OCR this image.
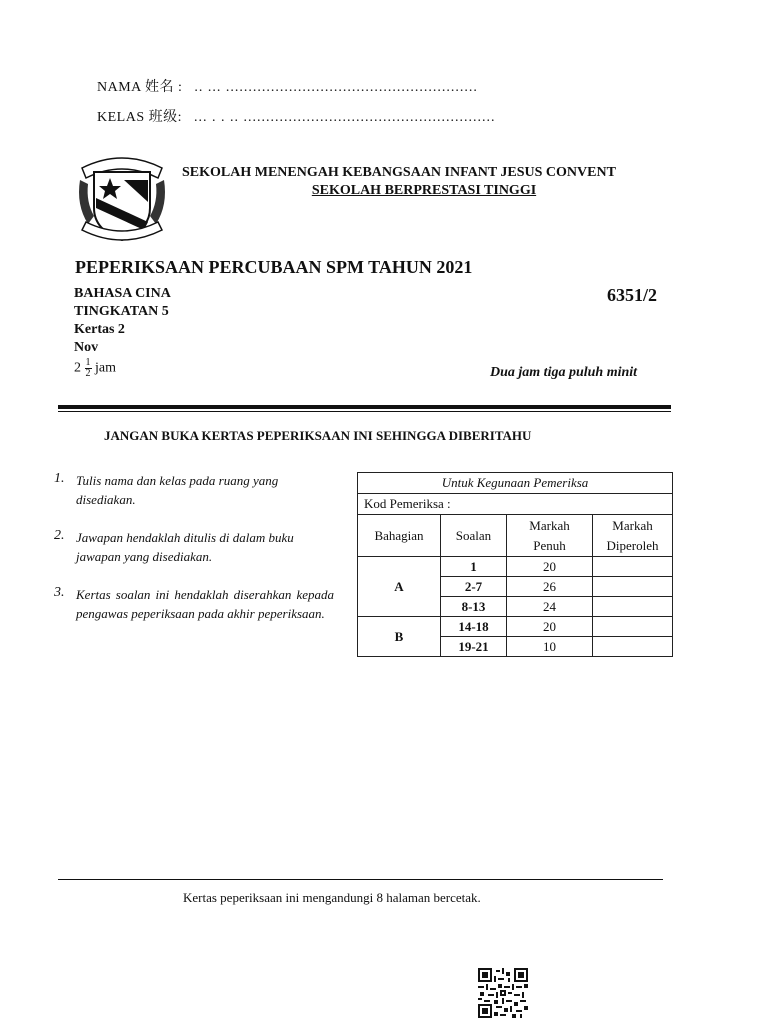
NAMA 姓名 : .. ... ........................................................
KELAS 班级: ... . . .. ........................................................
SEKOLAH MENENGAH KEBANGSAAN INFANT JESUS CONVENT
SEKOLAH BERPRESTASI TINGGI
PEPERIKSAAN PERCUBAAN SPM TAHUN 2021
BAHASA CINA
TINGKATAN 5
Kertas 2
Nov
6351/2
$2 \frac{1}{2}$ jam	Dua jam tiga puluh minit
JANGAN BUKA KERTAS PEPERIKSAAN INI SEHINGGA DIBERITAHU
1. Tulis nama dan kelas pada ruang yang disediakan.
2. Jawapan hendaklah ditulis di dalam buku jawapan yang disediakan.
3. Kertas soalan ini hendaklah diserahkan kepada pengawas peperiksaan pada akhir peperiksaan.
Untuk Kegunaan Pemeriksa			
Kod Pemeriksa :			
Bahagian	Soalan	Markah Penuh	Markah Diperoleh
A	1	20	
	2-7	26	
	8-13	24	
B	14-18	20	
	19-21	10	
Kertas peperiksaan ini mengandungi 8 halaman bercetak.
